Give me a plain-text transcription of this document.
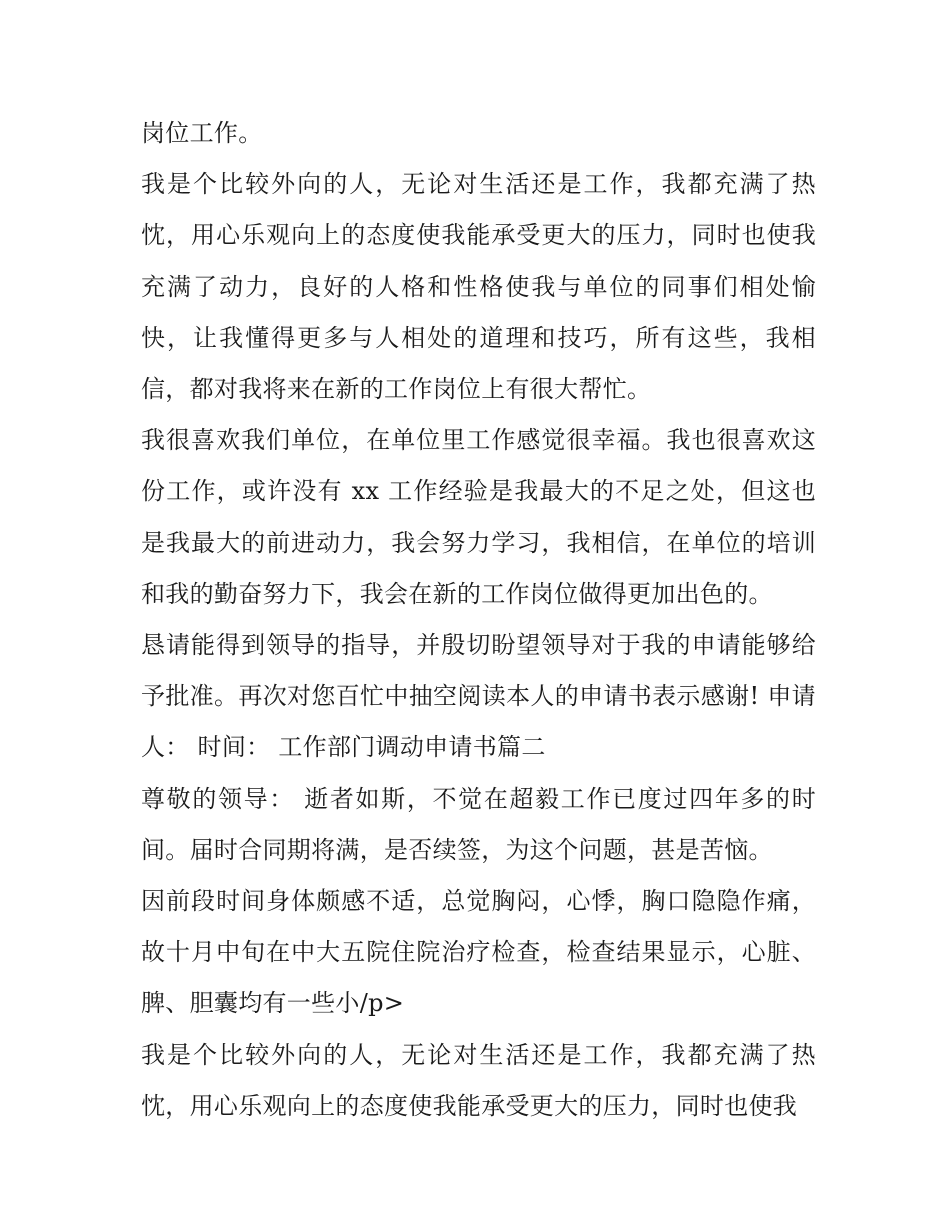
岗位工作。

我是个比较外向的人，无论对生活还是工作，我都充满了热忱，用心乐观向上的态度使我能承受更大的压力，同时也使我充满了动力，良好的人格和性格使我与单位的同事们相处愉快，让我懂得更多与人相处的道理和技巧，所有这些，我相信，都对我将来在新的工作岗位上有很大帮忙。

我很喜欢我们单位，在单位里工作感觉很幸福。我也很喜欢这份工作，或许没有 xx 工作经验是我最大的不足之处，但这也是我最大的前进动力，我会努力学习，我相信，在单位的培训和我的勤奋努力下，我会在新的工作岗位做得更加出色的。

恳请能得到领导的指导，并殷切盼望领导对于我的申请能够给予批准。再次对您百忙中抽空阅读本人的申请书表示感谢! 申请人： 时间： 工作部门调动申请书篇二

尊敬的领导： 逝者如斯，不觉在超毅工作已度过四年多的时间。届时合同期将满，是否续签，为这个问题，甚是苦恼。

因前段时间身体颇感不适，总觉胸闷，心悸，胸口隐隐作痛，故十月中旬在中大五院住院治疗检查，检查结果显示，心脏、脾、胆囊均有一些小/p>

我是个比较外向的人，无论对生活还是工作，我都充满了热忱，用心乐观向上的态度使我能承受更大的压力，同时也使我
